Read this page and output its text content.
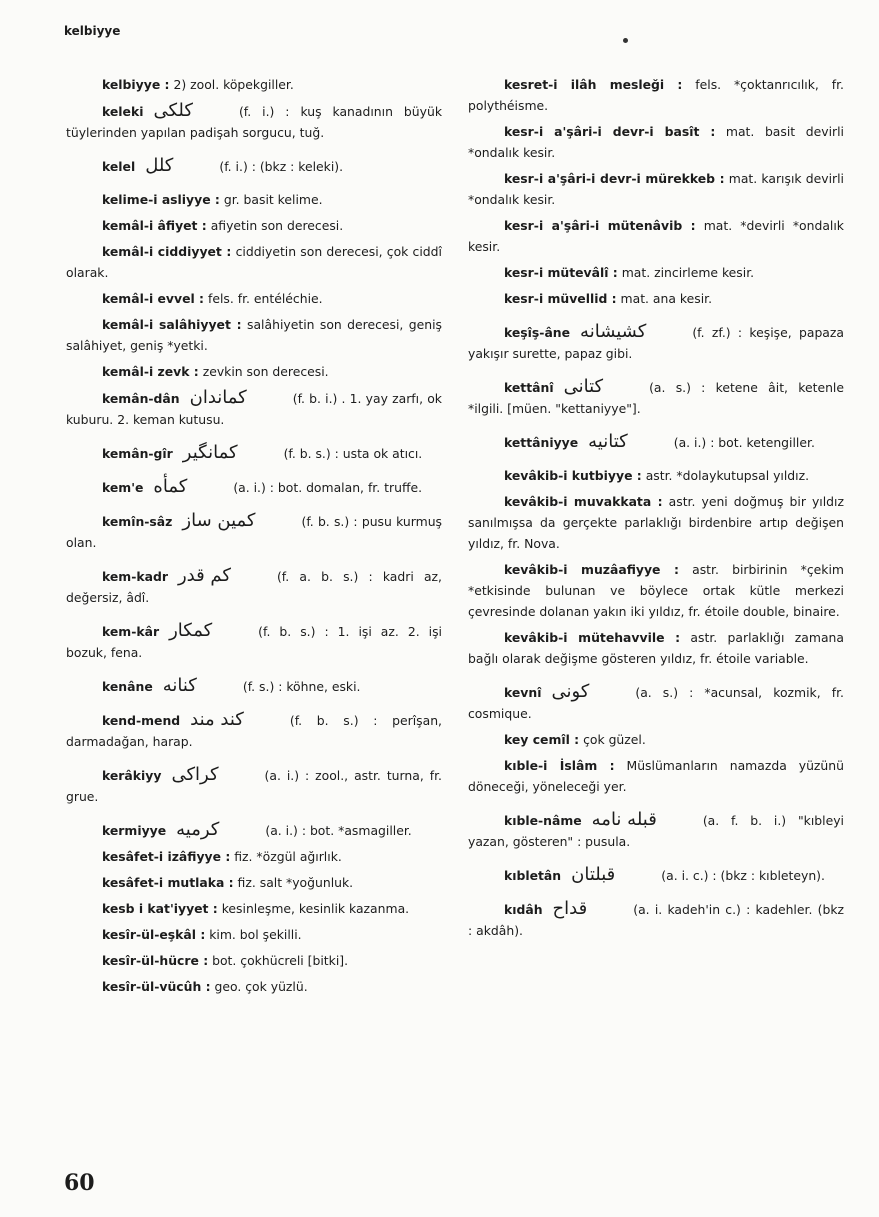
kelbiyye

kelbiyye : 2) zool. köpekgiller.

keleki كلكى	(f. i.) : kuş kanadının büyük tüylerinden yapılan padişah sorgucu, tuğ.

kelel كلل	(f. i.) : (bkz : keleki).

kelime-i asliyye : gr. basit kelime.

kemâl-i âfiyet : afiyetin son derecesi.

kemâl-i ciddiyyet : ciddiyetin son derecesi, çok ciddî olarak.

kemâl-i evvel : fels. fr. entéléchie.

kemâl-i salâhiyyet : salâhiyetin son derecesi, geniş salâhiyet, geniş *yetki.

kemâl-i zevk : zevkin son derecesi.

kemân-dân كماندان	(f. b. i.) . 1. yay zarfı, ok kuburu. 2. keman kutusu.

kemân-gîr كمانگير	(f. b. s.) : usta ok atıcı.

kem'e كمأه	(a. i.) : bot. domalan, fr. truffe.

kemîn-sâz كمين ساز	(f. b. s.) : pusu kurmuş olan.

kem-kadr كم قدر	(f. a. b. s.) : kadri az, değersiz, âdî.

kem-kâr كمكار	(f. b. s.) : 1. işi az. 2. işi bozuk, fena.

kenâne كنانه	(f. s.) : köhne, eski.

kend-mend كند مند	(f. b. s.) : perîşan, darmadağan, harap.

kerâkiyy كراكى	(a. i.) : zool., astr. turna, fr. grue.

kermiyye كرميه	(a. i.) : bot. *asmagiller.

kesâfet-i izâfiyye : fiz. *özgül ağırlık.

kesâfet-i mutlaka : fiz. salt *yoğunluk.

kesb i kat'iyyet : kesinleşme, kesinlik kazanma.

kesîr-ül-eşkâl : kim. bol şekilli.

kesîr-ül-hücre : bot. çokhücreli [bitki].

kesîr-ül-vücûh : geo. çok yüzlü.

kesret-i ilâh mesleği : fels. *çoktanrıcılık, fr. polythéisme.

kesr-i a'şâri-i devr-i basît : mat. basit devirli *ondalık kesir.

kesr-i a'şâri-i devr-i mürekkeb : mat. karışık devirli *ondalık kesir.

kesr-i a'şâri-i mütenâvib : mat. *devirli *ondalık kesir.

kesr-i mütevâlî : mat. zincirleme kesir.

kesr-i müvellid : mat. ana kesir.

keşîş-âne كشيشانه	(f. zf.) : keşişe, papaza yakışır surette, papaz gibi.

kettânî كتانى	(a. s.) : ketene âit, ketenle *ilgili. [müen. "kettaniyye"].

kettâniyye كتانيه	(a. i.) : bot. ketengiller.

kevâkib-i kutbiyye : astr. *dolaykutupsal yıldız.

kevâkib-i muvakkata : astr. yeni doğmuş bir yıldız sanılmışsa da gerçekte parlaklığı birdenbire artıp değişen yıldız, fr. Nova.

kevâkib-i muzâafiyye : astr. birbirinin *çekim *etkisinde bulunan ve böylece ortak kütle merkezi çevresinde dolanan yakın iki yıldız, fr. étoile double, binaire.

kevâkib-i mütehavvile : astr. parlaklığı zamana bağlı olarak değişme gösteren yıldız, fr. étoile variable.

kevnî كونى	(a. s.) : *acunsal, kozmik, fr. cosmique.

key cemîl : çok güzel.

kıble-i İslâm : Müslümanların namazda yüzünü döneceği, yöneleceği yer.

kıble-nâme قبله نامه	(a. f. b. i.) "kıbleyi yazan, gösteren" : pusula.

kıbletân قبلتان	(a. i. c.) : (bkz : kıbleteyn).

kıdâh قداح	(a. i. kadeh'in c.) : kadehler. (bkz : akdâh).

60
